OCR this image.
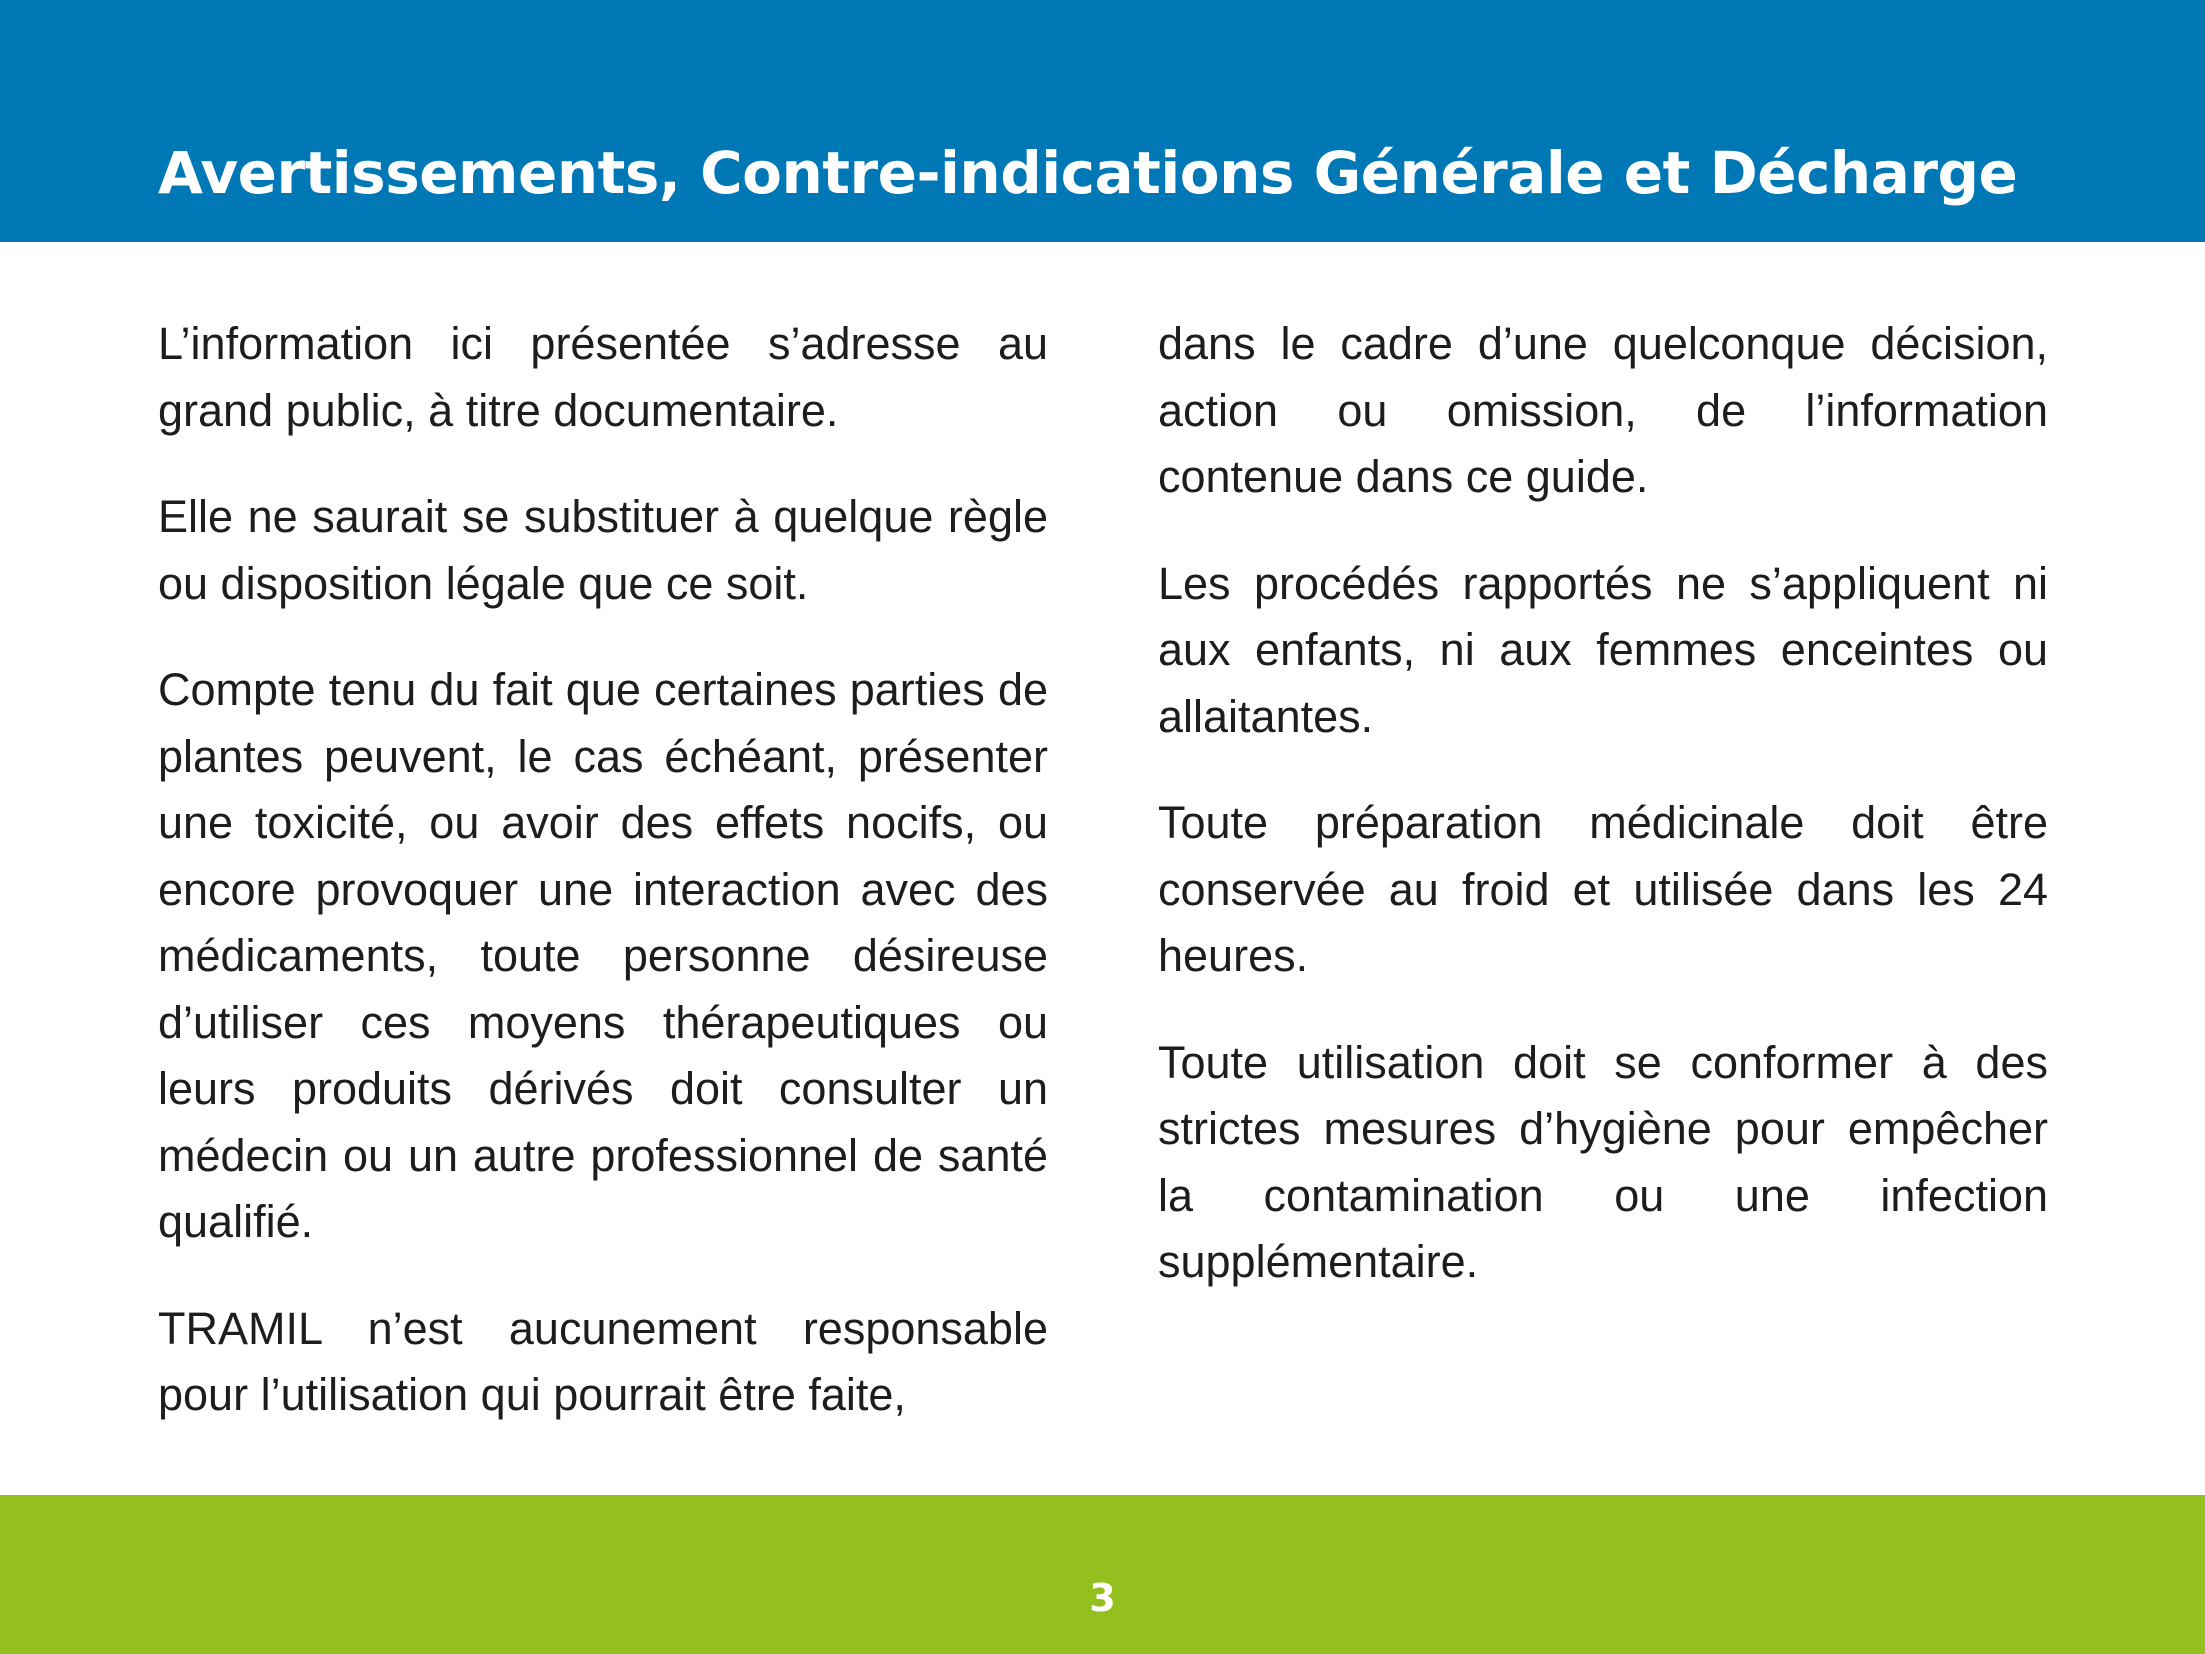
Avertissements, Contre-indications Générale et Décharge

L’information ici présentée s’adresse au grand public, à titre documentaire.

Elle ne saurait se substituer à quelque règle ou disposition légale que ce soit.

Compte tenu du fait que certaines parties de plantes peuvent, le cas échéant, présenter une toxicité, ou avoir des effets nocifs, ou encore provoquer une interaction avec des médicaments, toute personne désireuse d’utiliser ces moyens thérapeutiques ou leurs produits dérivés doit consulter un médecin ou un autre professionnel de santé qualifié.

TRAMIL n’est aucunement responsable pour l’utilisation qui pourrait être faite,

dans le cadre d’une quelconque décision, action ou omission, de l’information contenue dans ce guide.

Les procédés rapportés ne s’appliquent ni aux enfants, ni aux femmes enceintes ou allaitantes.

Toute préparation médicinale doit être conservée au froid et utilisée dans les 24 heures.

Toute utilisation doit se conformer à des strictes mesures d’hygiène pour empêcher la contamination ou une infection supplémentaire.

3
